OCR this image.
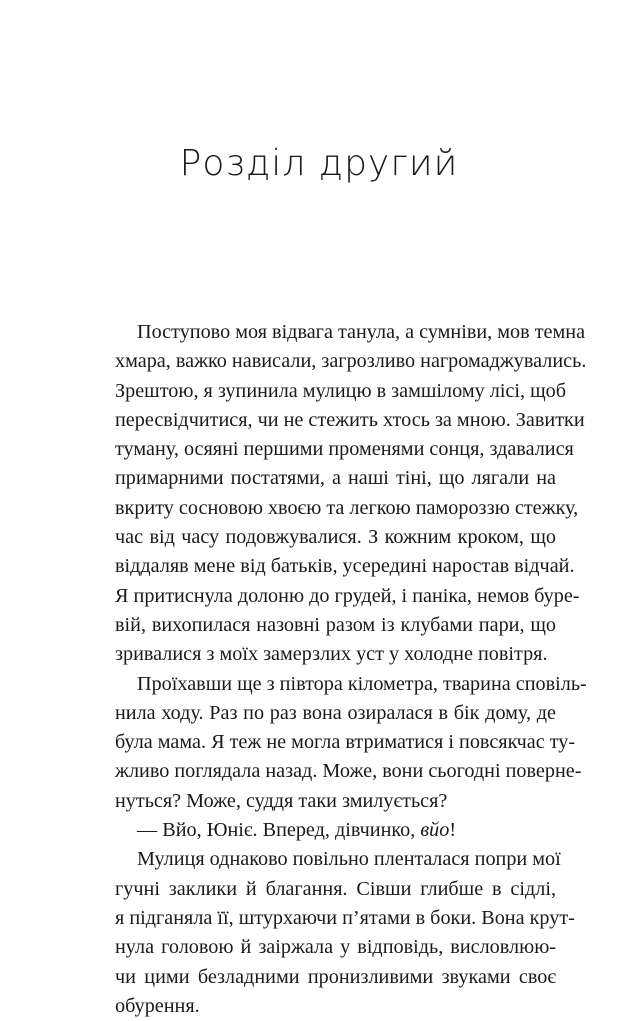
Розділ другий
Поступово моя відвага танула, а сумніви, мов темна
хмара, важко нависали, загрозливо нагромаджувались.
Зрештою, я зупинила мулицю в замшілому лісі, щоб
пересвідчитися, чи не стежить хтось за мною. Завитки
туману, осяяні першими променями сонця, здавалися
примарними постатями, а наші тіні, що лягали на
вкриту сосновою хвоєю та легкою памороззю стежку,
час від часу подовжувалися. З кожним кроком, що
віддаляв мене від батьків, усередині наростав відчай.
Я притиснула долоню до грудей, і паніка, немов бурe-
вій, вихопилася назовні разом із клубами пари, що
зривалися з моїх замерзлих уст у холодне повітря.
Проїхавши ще з півтора кілометра, тварина сповіль-
нила ходу. Раз по раз вона озиралася в бік дому, де
була мама. Я теж не могла втриматися і повсякчас ту-
жливо поглядала назад. Може, вони сьогодні поверне-
нуться? Може, суддя таки змилується?
— Вйо, Юніє. Вперед, дівчинко, вйо!
Мулиця однаково повільно плентaлася попри мої
гучні заклики й благання. Сівши глибше в сідлі,
я підганяла її, штурхаючи п’ятами в боки. Вона крут-
нула головою й заіржала у відповідь, висловлюю-
чи цими безладними пронизливими звуками своє
обурення.
